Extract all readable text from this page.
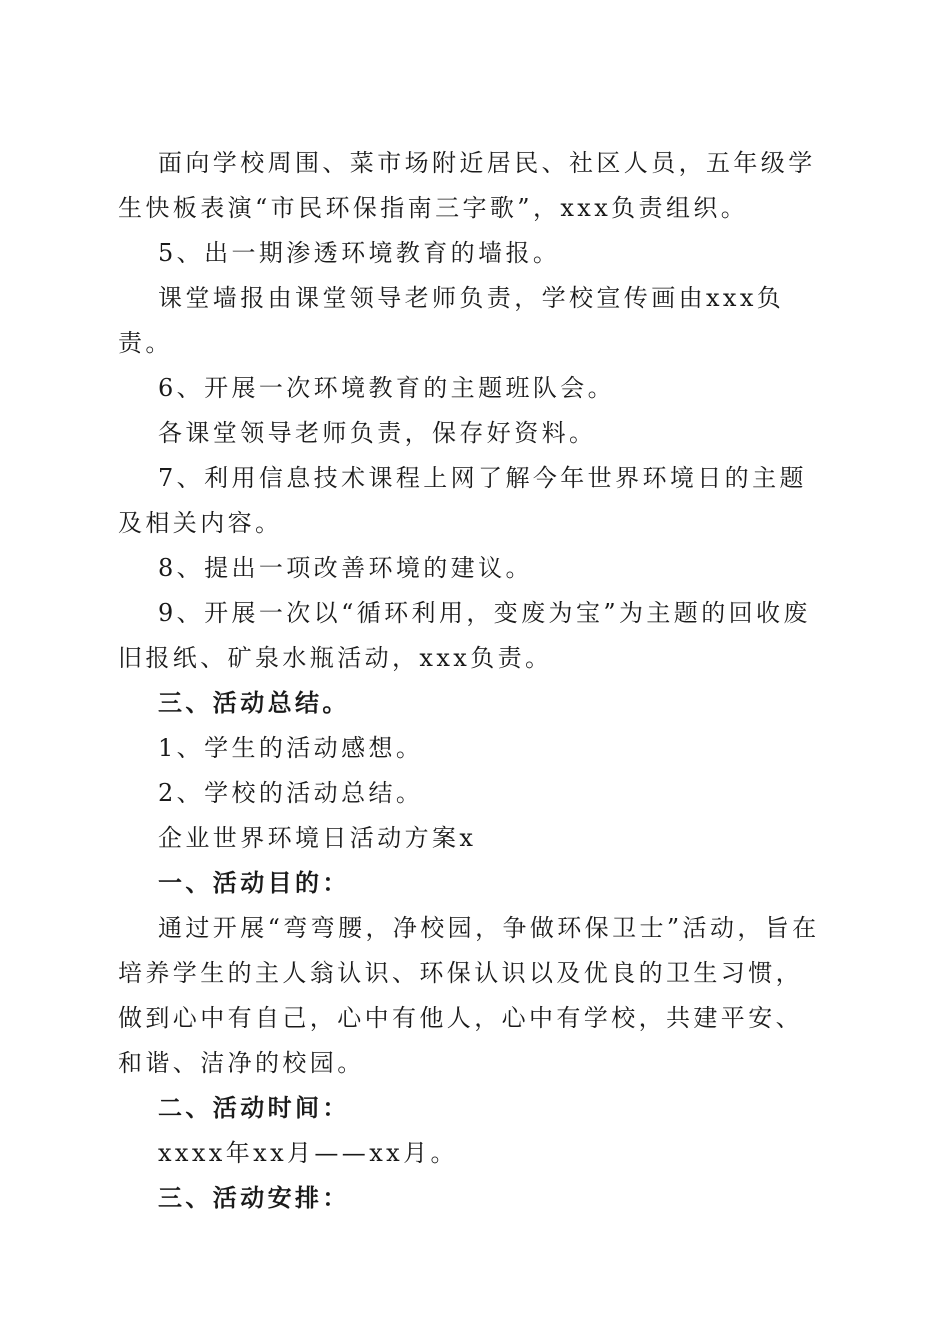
面向学校周围、菜市场附近居民、社区人员，五年级学生快板表演“市民环保指南三字歌”，xxx负责组织。

5、出一期渗透环境教育的墙报。

课堂墙报由课堂领导老师负责，学校宣传画由xxx负责。

6、开展一次环境教育的主题班队会。

各课堂领导老师负责，保存好资料。

7、利用信息技术课程上网了解今年世界环境日的主题及相关内容。

8、提出一项改善环境的建议。

9、开展一次以“循环利用，变废为宝”为主题的回收废旧报纸、矿泉水瓶活动，xxx负责。

三、活动总结。

1、学生的活动感想。

2、学校的活动总结。

企业世界环境日活动方案x

一、活动目的：

通过开展“弯弯腰，净校园，争做环保卫士”活动，旨在培养学生的主人翁认识、环保认识以及优良的卫生习惯，做到心中有自己，心中有他人，心中有学校，共建平安、和谐、洁净的校园。

二、活动时间：

xxxx年xx月——xx月。

三、活动安排：
